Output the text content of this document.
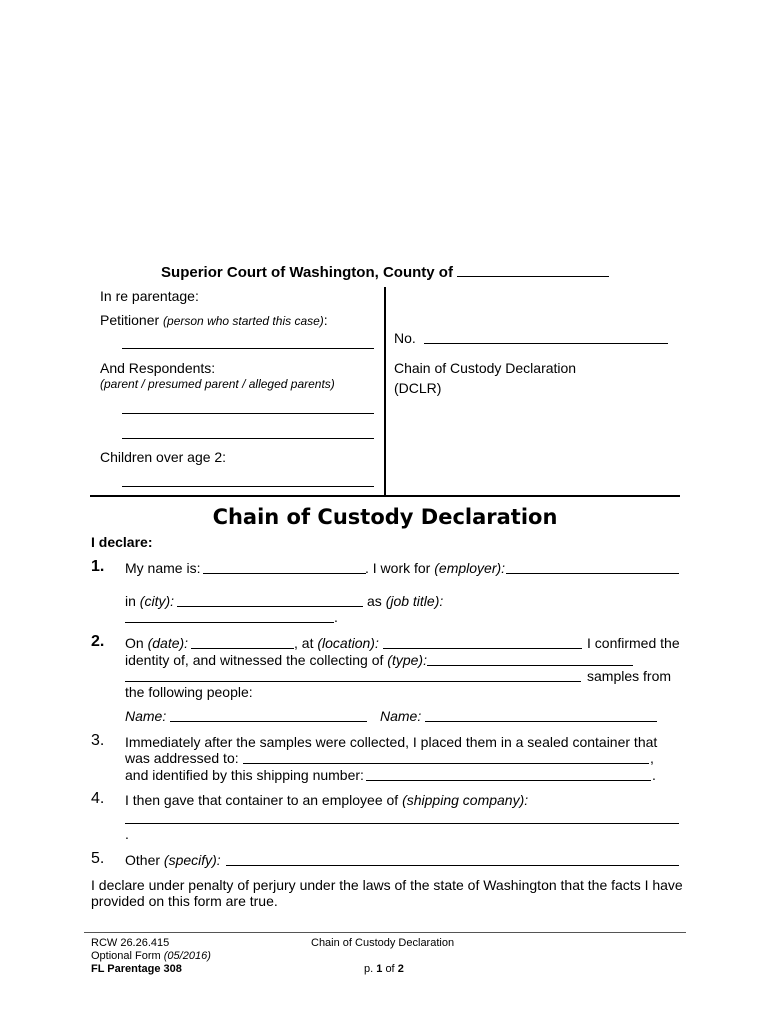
Superior Court of Washington, County of
In re parentage:
Petitioner (person who started this case):
And Respondents:
(parent / presumed parent / alleged parents)
Children over age 2:
No.
Chain of Custody Declaration
(DCLR)
Chain of Custody Declaration
I declare:
1. My name is:	. I work for (employer):
in (city):	as (job title):
.
2. On (date):	, at (location):	I confirmed the
identity of, and witnessed the collecting of (type):
samples from
the following people:
Name:	Name:
3. Immediately after the samples were collected, I placed them in a sealed container that
was addressed to:	,
and identified by this shipping number:	.
4. I then gave that container to an employee of (shipping company):
.
5. Other (specify):
I declare under penalty of perjury under the laws of the state of Washington that the facts I have
provided on this form are true.
RCW 26.26.415
Optional Form (05/2016)
FL Parentage 308
Chain of Custody Declaration
p. 1 of 2
